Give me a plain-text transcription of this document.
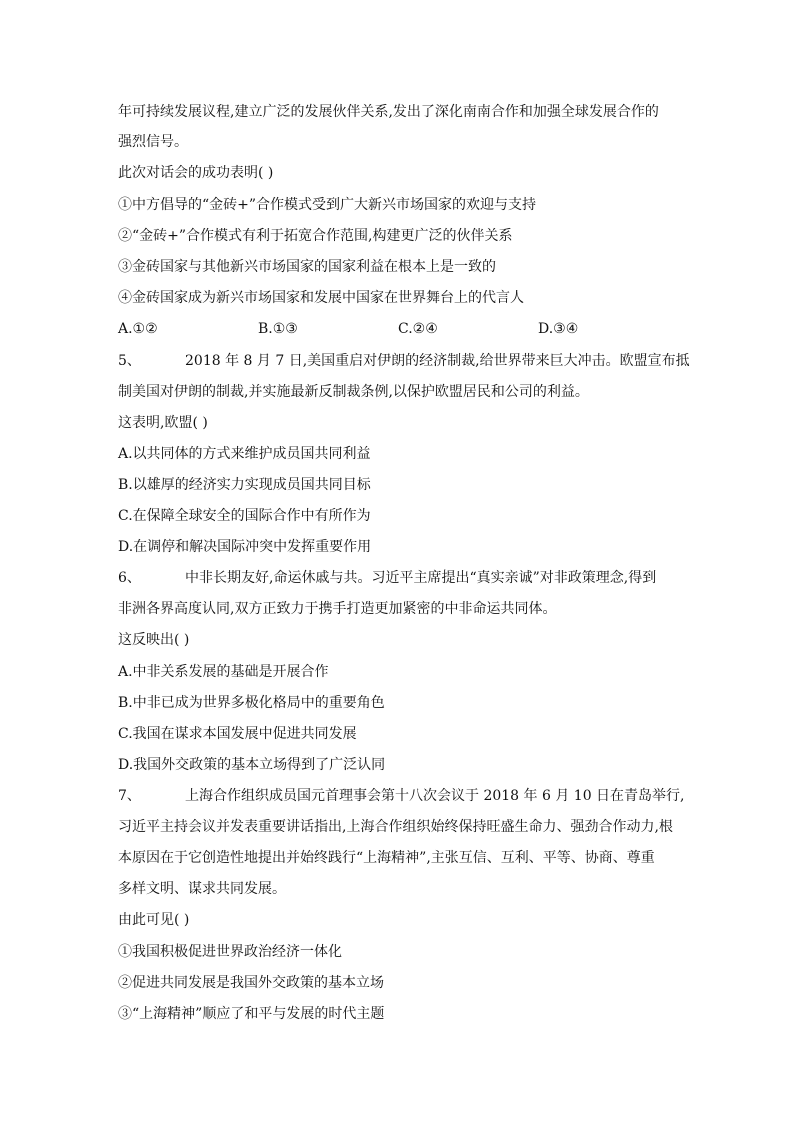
年可持续发展议程,建立广泛的发展伙伴关系,发出了深化南南合作和加强全球发展合作的
强烈信号。
此次对话会的成功表明( )
①中方倡导的“金砖+”合作模式受到广大新兴市场国家的欢迎与支持
②“金砖+”合作模式有利于拓宽合作范围,构建更广泛的伙伴关系
③金砖国家与其他新兴市场国家的国家利益在根本上是一致的
④金砖国家成为新兴市场国家和发展中国家在世界舞台上的代言人
A.①②	B.①③	C.②④	D.③④
5、	2018 年 8 月 7 日,美国重启对伊朗的经济制裁,给世界带来巨大冲击。欧盟宣布抵
制美国对伊朗的制裁,并实施最新反制裁条例,以保护欧盟居民和公司的利益。
这表明,欧盟( )
A.以共同体的方式来维护成员国共同利益
B.以雄厚的经济实力实现成员国共同目标
C.在保障全球安全的国际合作中有所作为
D.在调停和解决国际冲突中发挥重要作用
6、	中非长期友好,命运休戚与共。习近平主席提出“真实亲诚”对非政策理念,得到
非洲各界高度认同,双方正致力于携手打造更加紧密的中非命运共同体。
这反映出( )
A.中非关系发展的基础是开展合作
B.中非已成为世界多极化格局中的重要角色
C.我国在谋求本国发展中促进共同发展
D.我国外交政策的基本立场得到了广泛认同
7、	上海合作组织成员国元首理事会第十八次会议于 2018 年 6 月 10 日在青岛举行,
习近平主持会议并发表重要讲话指出,上海合作组织始终保持旺盛生命力、强劲合作动力,根
本原因在于它创造性地提出并始终践行“上海精神”,主张互信、互利、平等、协商、尊重
多样文明、谋求共同发展。
由此可见( )
①我国积极促进世界政治经济一体化
②促进共同发展是我国外交政策的基本立场
③“上海精神”顺应了和平与发展的时代主题
